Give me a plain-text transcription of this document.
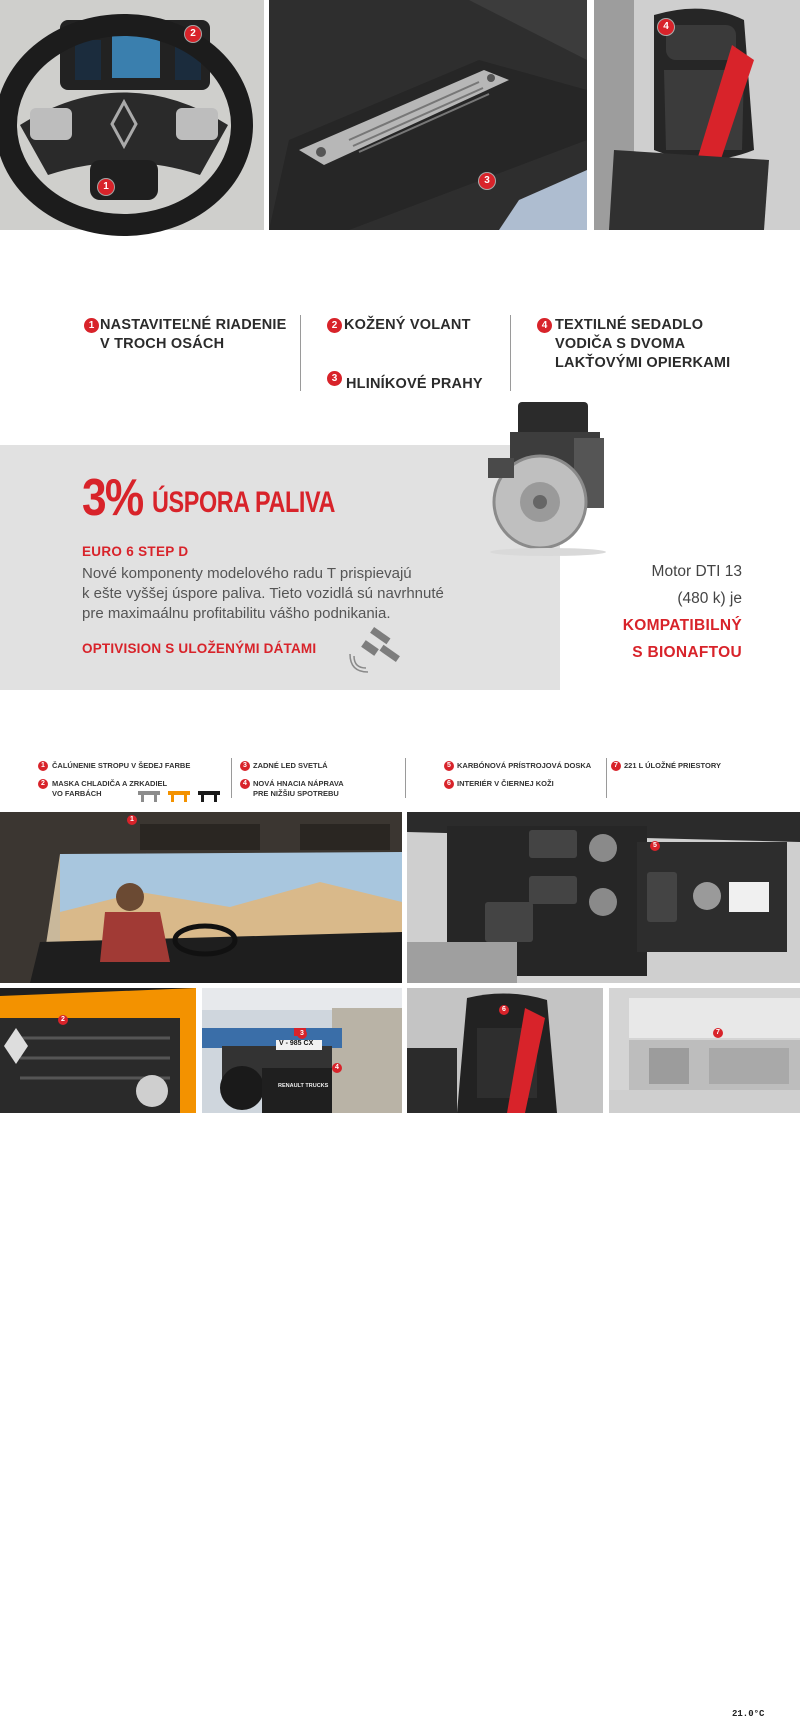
1
2
3
4
1 NASTAVITEĽNÉ RIADENIE
V TROCH OSÁCH
2 KOŽENÝ VOLANT
3 HLINÍKOVÉ PRAHY
4 TEXTILNÉ SEDADLO
VODIČA S DVOMA
LAKŤOVÝMI OPIERKAMI
3% ÚSPORA PALIVA
EURO 6 STEP D
Nové komponenty modelového radu T prispievajú
k ešte vyššej úspore paliva. Tieto vozidlá sú navrhnuté
pre maximaálnu profitabilitu vášho podnikania.
OPTIVISION S ULOŽENÝMI DÁTAMI
Motor DTI 13
(480 k) je
KOMPATIBILNÝ
S BIONAFTOU
1 ČALÚNENIE STROPU V ŠEDEJ FARBE
2 MASKA CHLADIČA A ZRKADIEL
VO FARBÁCH
3 ZADNÉ LED SVETLÁ
4 NOVÁ HNACIA NÁPRAVA
PRE NIŽŠIU SPOTREBU
5 KARBÓNOVÁ PRÍSTROJOVÁ DOSKA
6 INTERIÉR V ČIERNEJ KOŽI
7 221 L ÚLOŽNÉ PRIESTORY
1
21.0°C
5
2
V - 985 CX
RENAULT TRUCKS
3
4
6
7
